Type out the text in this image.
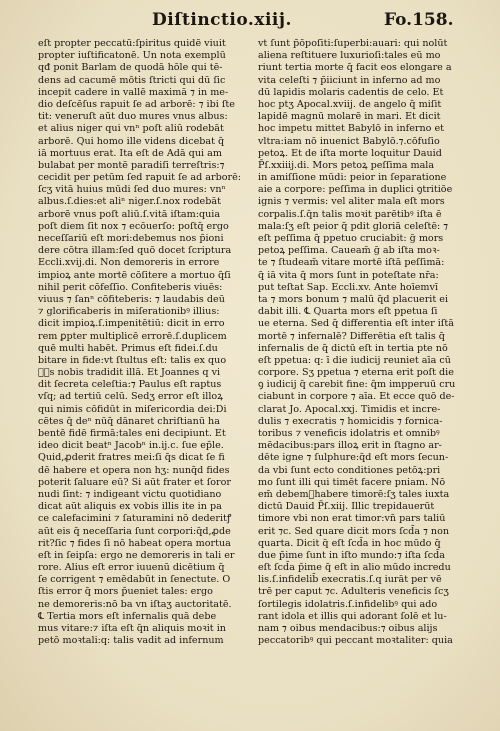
Diſtinctio.xiij.	Fo.158.
eſt propter peccatū:ſpiritus quidē viuit
propter iuſtificatonē. Un nota exemplū
qđ ponit Barlam de quodā hōle qui tē-
dens ad cacumē mōtis ſtricti qui dū ſic
incepit cadere in vallē maximā ⁊ in me-
dio deſcēſus rapuit ſe ad arborē: ⁊ ibi ſte
tit: veneruſt aūt duo mures vnus albus:
et alius niger qui vnⁿ poſt aliū rodebāt
arborē. Qui homo ille videns dicebat q̄
iā mortuus erat. Ita eſt de Adā qui am
bulabat per montē paradiſi terreſtris:⁊
cecidit per petūm ſed rapuit ſe ad arborē:
ſcʒ vitā huius mūdi ſed duo mures: vnⁿ
albus.ſ.dies:et aliⁿ niger.ſ.nox rodebāt
arborē vnus poſt aliū.ſ.vitā iſtam:quia
poſt diem ſit nox ⁊ ecōuerſo: poſtq̄ ergo
neceſſariū eſt mori:debemus nos p̄ioni
dere cōtra illam:ſed quō docet ſcriptura
Eccli.xvij.di. Non demoreris in errore
impioꝝ ante mortē cōſitere a mortuo q̄ſi
nihil perit cōfeſſio. Confiteberis viuēs:
viuus ⁊ ſanⁿ cōfiteberis: ⁊ laudabis deū
⁊ glorificaberis in miſerationibꝰ illius:
dicit impioꝝ.ſ.impenitētiū: dicit in erro
rem ꝑpter multiplicē errorē.ſ.duplicem
quē multi habēt. Primus eſt fidei.ſ.du
bitare in fide:vt ſtultus eſt: talis ex quo
ꝑᷣs nobis tradidit illā. Et Joannes q vi
dit ſecreta celeſtia:⁊ Paulus eſt raptus
vſq; ad tertiū celū. Sedʒ error eſt illoꝝ
qui nimis cōfidūt in miſericordia dei:Di
cētes q̄ deⁿ nūq̄ dānaret chriſtianū ha
bentē fidē firmā:tales eni decipiunt. Et
ideo dicit beatⁿ Jacobⁿ in.ij.c. ſue ep̄le.
Quid,ꝓderit fratres mei:ſi q̄s dicat ſe fi
dē habere et opera non hʒ: nunq̄d fides
poterit ſaluare eū? Si aūt frater et ſoror
nudi ſint: ⁊ indigeant victu quotidiano
dicat aūt aliquis ex vobis illis ite in pa
ce calefacimini ⁊ ſaturamini nō dederitꝭ
aūt eis q̄ neceſſaria ſunt corpori:q̄d,ꝓde
rit?ſic ⁊ fides ſi nō habeat opera mortua
eſt in ſeipſa: ergo ne demoreris in tali er
rore. Alius eſt error iuuenū dicētium q̄
ſe corrigent ⁊ emēdabūt in ſenectute. O
ſtis error q̄ mors p̄ueniet tales: ergo
ne demoreris:nō ba vn iſtaʒ auctoritatē.
℄ Tertia mors eſt infernalis quā debe
mus vitare:⁊ iſta eſt q̄n aliquis moꝛit in
petō moꝛtali:q: talis vadit ad infernum
vt ſunt p̄ōpoſiti:ſuperbi:auari: qui nolūt
aliena reſtituere luxurioſi:tales eū mo
riunt tertia morte q̄ facit eos elongare a
vita celeſti ⁊ p̄iiciunt in inferno ad mo
dū lapidis molaris cadentis de celo. Et
hoc ptʒ Apocal.xviij. de angelo q̄ miſit
lapidē magnū molarē in mari. Et dicit
hoc impetu mittet Babylō in inferno et
vltra:iam nō inuenict Babylō.⁊.cōfuſio
petoꝝ. Et de iſta morte loquitur Dauid
P̄ſ.xxiiij.di. Mors petoꝝ peſſima mala
in amiſſione mūdi: peior in ſeparatione
aie a corpore: peſſima in duplici ꝯtritiōe
ignis ⁊ vermis: vel aliter mala eſt mors
corpalis.ſ.q̄n talis moꝛit parētibꝰ iſta ē
mala:ſʒ eſt peior q̄ pdit gloriā celeſtē: ⁊
eſt peſſima q̄ ppetuo cruciabit: ḡ mors
petoꝝ peſſima. Caueam̄ ḡ ab iſta moꝛ-
te ⁊ ſtudeam̄ vitare mortē iſtā peſſimā:
q̄ iā vita q̄ mors ſunt in poteſtate nr̄a:
put teſtat Sap. Eccli.xv. Ante hoīemvī
ta ⁊ mors bonum ⁊ malū q̄d placuerit ei
dabit illi. ℄ Quarta mors eſt ppetua ſi
ue eterna. Sed q̄ differentia eſt inter iſtā
mortē ⁊ infernalē? Differētia eſt talis q̄
infernalis de q̄ dictū eſt in tertia pte nō
eſt ppetua: q: ī die iudicij reuniet aīa cū
corpore. Sʒ ppetua ⁊ eterna erit poſt die
ꝯ iudicij q̄ carebit fine: q̄m impperuū cru
ciabunt in corpore ⁊ aīa. Et ecce quō de-
clarat Jo. Apocal.xxj. Timidis et incre-
dulis ⁊ execratis ⁊ homicidis ⁊ fornica-
toribus ⁊ veneficis idolatris et omnibꝰ
mēdacibus:pars illoꝝ erit in ſtagno ar-
dēte igne ⁊ ſulphure:q̄d eſt mors ſecun-
da vbi ſunt ecto conditiones petōꝝ:pri
mo ſunt illi qui timēt facere pniam. Nō
em̄ debemᷣhabere timorē:ſʒ tales iuxta
dictū Dauid P̄ſ.xiij. Illic trepidauerūt
timore vbi non erat timor:vn̄ pars taliū
erit ⁊c. Sed quare dicit mors ſcd̄a ⁊ non
quarta. Dicit q̄ eſt ſcd̄a in hoc mūdo q̄
due p̄ime ſunt in iſto mundo:⁊ iſta ſcd̄a
eſt ſcd̄a p̄ime q̄ eſt in alio mūdo incredu
lis.ſ.infidelib̄ execratis.ſ.q iurāt per vē
trē per caput ⁊c. Adulteris veneficis ſcʒ
ſortilegis idolatris.ſ.infidelibꝰ qui ado
rant idola et illis qui adorant ſolē et lu-
nam ⁊ oibus mendacibus:⁊ oibus alijs
peccatoribꝰ qui peccant moꝛtaliter: quia
